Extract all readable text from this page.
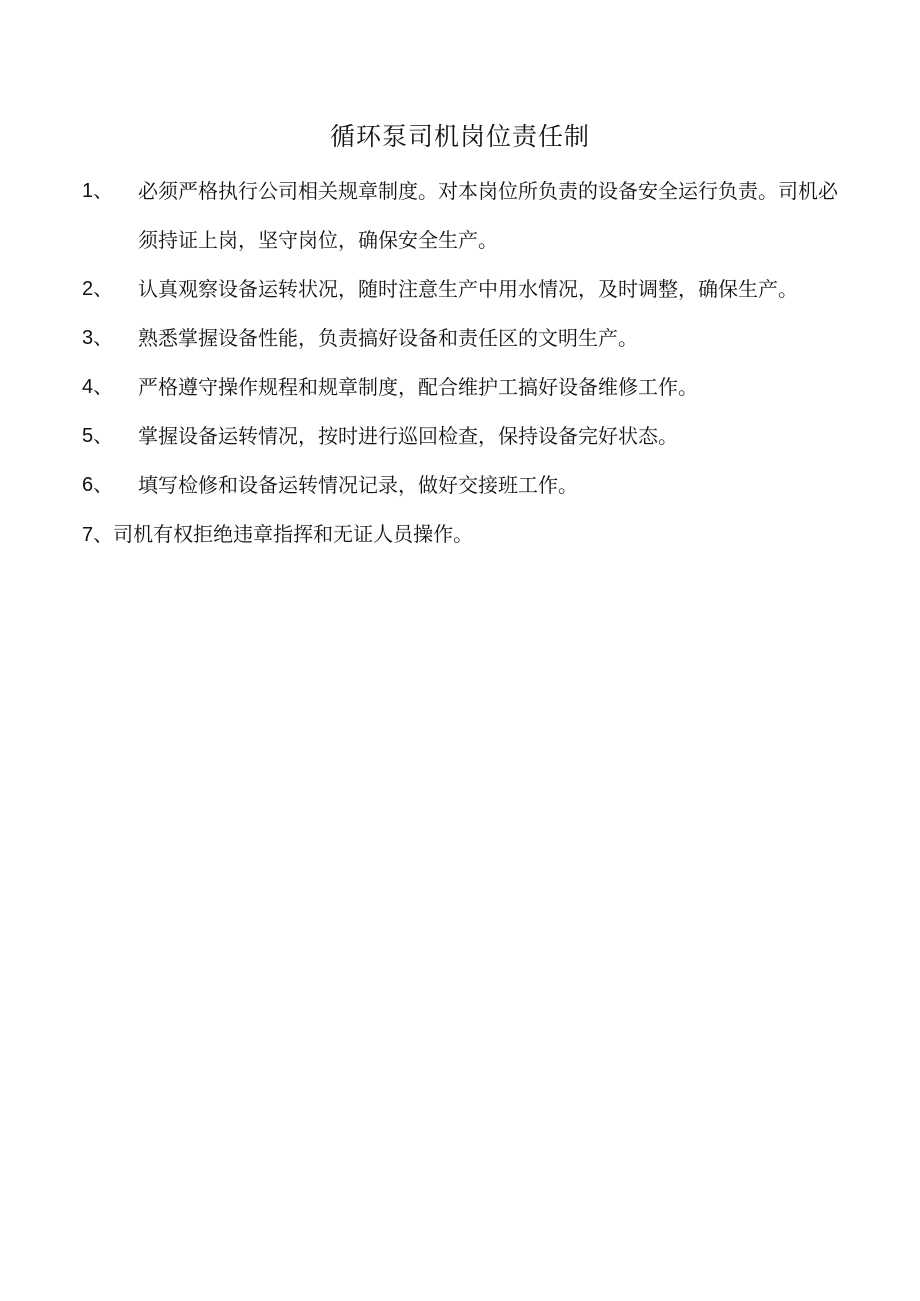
循环泵司机岗位责任制
1、 必须严格执行公司相关规章制度。对本岗位所负责的设备安全运行负责。司机必须持证上岗，坚守岗位，确保安全生产。
2、 认真观察设备运转状况，随时注意生产中用水情况，及时调整，确保生产。
3、 熟悉掌握设备性能，负责搞好设备和责任区的文明生产。
4、 严格遵守操作规程和规章制度，配合维护工搞好设备维修工作。
5、 掌握设备运转情况，按时进行巡回检查，保持设备完好状态。
6、 填写检修和设备运转情况记录，做好交接班工作。
7、司机有权拒绝违章指挥和无证人员操作。
